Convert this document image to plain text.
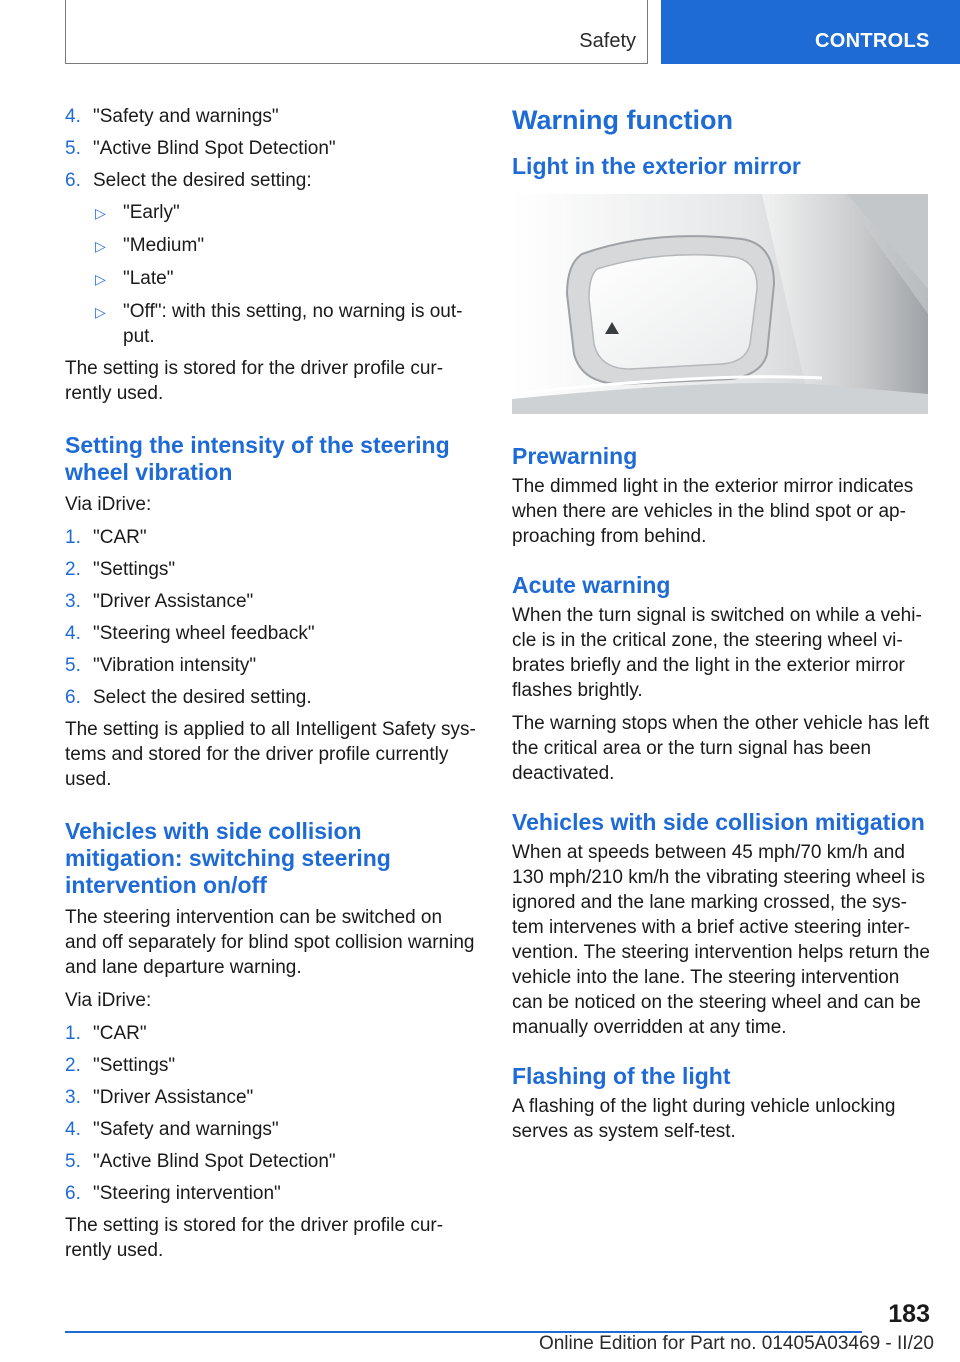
Safety	CONTROLS
4. "Safety and warnings"
5. "Active Blind Spot Detection"
6. Select the desired setting:
▷ "Early"
▷ "Medium"
▷ "Late"
▷ "Off": with this setting, no warning is output.

The setting is stored for the driver profile currently used.

Setting the intensity of the steering wheel vibration

Via iDrive:

1. "CAR"
2. "Settings"
3. "Driver Assistance"
4. "Steering wheel feedback"
5. "Vibration intensity"
6. Select the desired setting.

The setting is applied to all Intelligent Safety systems and stored for the driver profile currently used.

Vehicles with side collision mitigation: switching steering intervention on/off

The steering intervention can be switched on and off separately for blind spot collision warning and lane departure warning.

Via iDrive:

1. "CAR"
2. "Settings"
3. "Driver Assistance"
4. "Safety and warnings"
5. "Active Blind Spot Detection"
6. "Steering intervention"

The setting is stored for the driver profile currently used.

Warning function
Light in the exterior mirror
Prewarning

The dimmed light in the exterior mirror indicates when there are vehicles in the blind spot or approaching from behind.

Acute warning

When the turn signal is switched on while a vehicle is in the critical zone, the steering wheel vibrates briefly and the light in the exterior mirror flashes brightly.

The warning stops when the other vehicle has left the critical area or the turn signal has been deactivated.

Vehicles with side collision mitigation

When at speeds between 45 mph/70 km/h and 130 mph/210 km/h the vibrating steering wheel is ignored and the lane marking crossed, the system intervenes with a brief active steering intervention. The steering intervention helps return the vehicle into the lane. The steering intervention can be noticed on the steering wheel and can be manually overridden at any time.

Flashing of the light

A flashing of the light during vehicle unlocking serves as system self-test.

183
Online Edition for Part no. 01405A03469 - II/20
